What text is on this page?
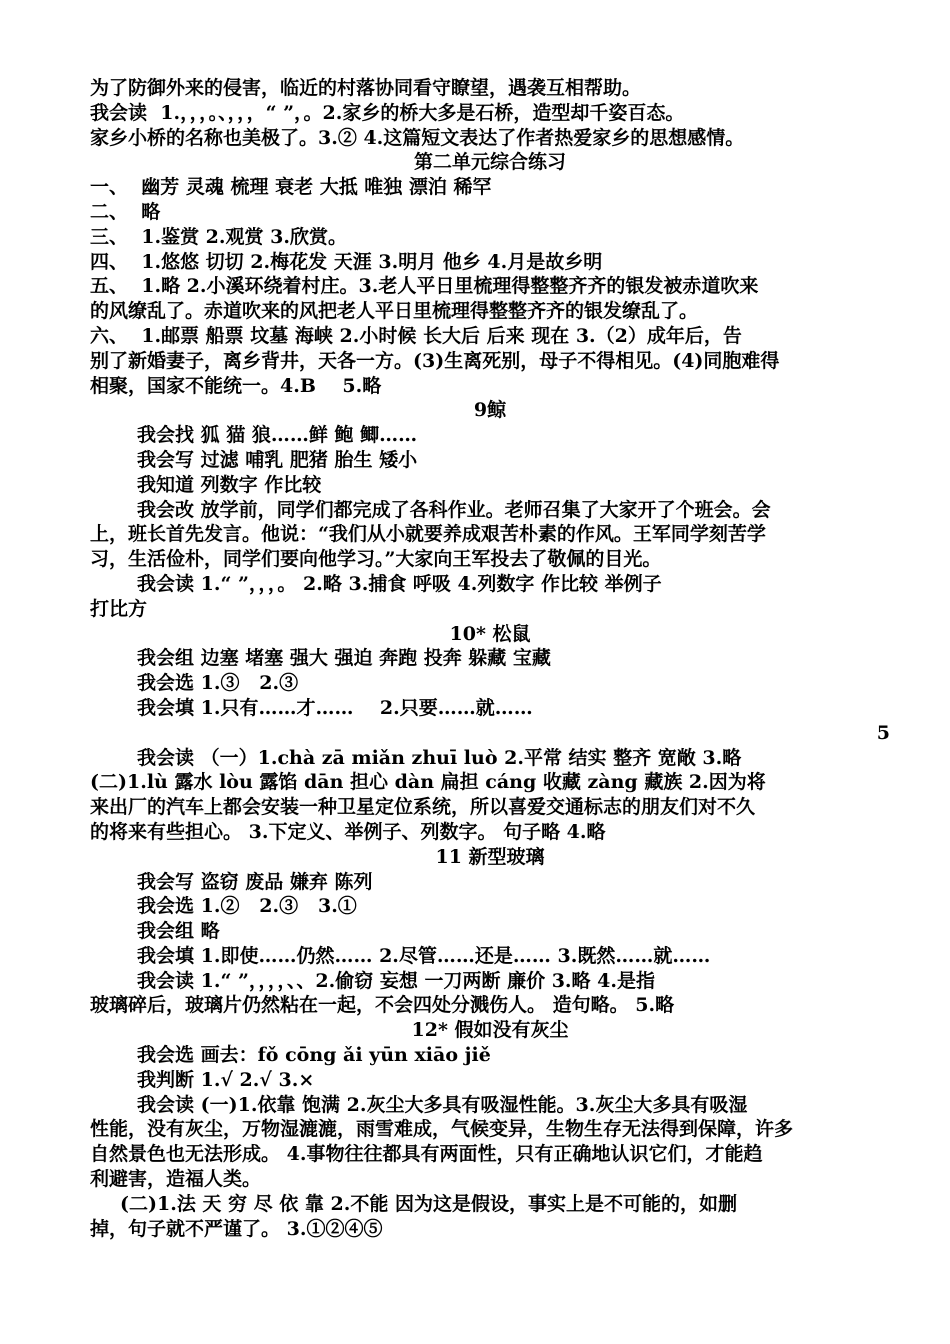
为了防御外来的侵害，临近的村落协同看守瞭望，遇袭互相帮助。
我会读  1.，，，。、，，，“ ”，。2.家乡的桥大多是石桥，造型却千姿百态。
家乡小桥的名称也美极了。3.② 4.这篇短文表达了作者热爱家乡的思想感情。
第二单元综合练习
一、  幽芳 灵魂 梳理 衰老 大抵 唯独 漂泊 稀罕
二、  略
三、  1.鉴赏 2.观赏 3.欣赏。
四、  1.悠悠 切切 2.梅花发 天涯 3.明月 他乡 4.月是故乡明
五、  1.略 2.小溪环绕着村庄。3.老人平日里梳理得整整齐齐的银发被赤道吹来
的风缭乱了。赤道吹来的风把老人平日里梳理得整整齐齐的银发缭乱了。
六、  1.邮票 船票 坟墓 海峡 2.小时候 长大后 后来 现在 3.（2）成年后，告
别了新婚妻子，离乡背井，天各一方。(3)生离死别，母子不得相见。(4)同胞难得
相聚，国家不能统一。4.B    5.略
9鲸
我会找 狐 猫 狼……鲜 鲍 鲫……
我会写 过滤 哺乳 肥猪 胎生 矮小
我知道 列数字 作比较
我会改 放学前，同学们都完成了各科作业。老师召集了大家开了个班会。会
上，班长首先发言。他说：“我们从小就要养成艰苦朴素的作风。王军同学刻苦学
习，生活俭朴，同学们要向他学习。”大家向王军投去了敬佩的目光。
我会读 1.“ ”，，，。 2.略 3.捕食 呼吸 4.列数字 作比较 举例子
打比方
10* 松鼠
我会组 边塞 堵塞 强大 强迫 奔跑 投奔 躲藏 宝藏
我会选 1.③   2.③
我会填 1.只有……才……    2.只要……就……
5
我会读 （一）1.chà zā miǎn zhuī luò 2.平常 结实 整齐 宽敞 3.略
(二)1.lù 露水 lòu 露馅 dān 担心 dàn 扁担 cáng 收藏 zàng 藏族 2.因为将
来出厂的汽车上都会安装一种卫星定位系统，所以喜爱交通标志的朋友们对不久
的将来有些担心。 3.下定义、举例子、列数字。 句子略 4.略
11 新型玻璃
我会写 盗窃 废品 嫌弃 陈列
我会选 1.②   2.③   3.①
我会组 略
我会填 1.即使……仍然…… 2.尽管……还是…… 3.既然……就……
我会读 1.“ ”，，，，、、2.偷窃 妄想 一刀两断 廉价 3.略 4.是指
玻璃碎后，玻璃片仍然粘在一起，不会四处分溅伤人。 造句略。 5.略
12* 假如没有灰尘
我会选 画去：fǒ cōng ǎi yūn xiāo jiě
我判断 1.√ 2.√ 3.×
我会读 (一)1.依靠 饱满 2.灰尘大多具有吸湿性能。3.灰尘大多具有吸湿
性能，没有灰尘，万物湿漉漉，雨雪难成，气候变异，生物生存无法得到保障，许多
自然景色也无法形成。 4.事物往往都具有两面性，只有正确地认识它们，才能趋
利避害，造福人类。
(二)1.法 天 穷 尽 依 靠 2.不能 因为这是假设，事实上是不可能的，如删
掉，句子就不严谨了。 3.①②④⑤
